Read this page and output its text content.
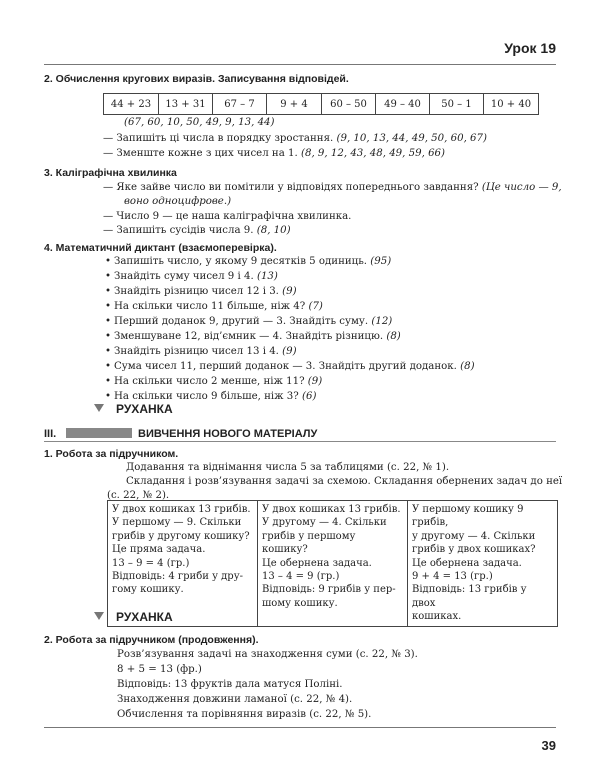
Урок 19
2. Обчислення кругових виразів. Записування відповідей.
44 + 23	13 + 31	67 – 7	9 + 4	60 – 50	49 – 40	50 – 1	10 + 40
(67, 60, 10, 50, 49, 9, 13, 44)
— Запишіть ці числа в порядку зростання. (9, 10, 13, 44, 49, 50, 60, 67)
— Зменште кожне з цих чисел на 1. (8, 9, 12, 43, 48, 49, 59, 66)
3. Каліграфічна хвилинка
— Яке зайве число ви помітили у відповідях попереднього завдання? (Це число — 9,
воно одноцифрове.)
— Число 9 — це наша каліграфічна хвилинка.
— Запишіть сусідів числа 9. (8, 10)
4. Математичний диктант (взаємоперевірка).
• Запишіть число, у якому 9 десятків 5 одиниць. (95)
• Знайдіть суму чисел 9 і 4. (13)
• Знайдіть різницю чисел 12 і 3. (9)
• На скільки число 11 більше, ніж 4? (7)
• Перший доданок 9, другий — 3. Знайдіть суму. (12)
• Зменшуване 12, від’ємник — 4. Знайдіть різницю. (8)
• Знайдіть різницю чисел 13 і 4. (9)
• Сума чисел 11, перший доданок — 3. Знайдіть другий доданок. (8)
• На скільки число 2 менше, ніж 11? (9)
• На скільки число 9 більше, ніж 3? (6)
РУХАНКА
III.	ВИВЧЕННЯ НОВОГО МАТЕРІАЛУ
1. Робота за підручником.
Додавання та віднімання числа 5 за таблицями (с. 22, № 1).
Складання і розв’язування задачі за схемою. Складання обернених задач до неї
(с. 22, № 2).
У двох кошиках 13 грибів.
У першому — 9. Скільки
грибів у другому кошику?
Це пряма задача.
13 – 9 = 4 (гр.)
Відповідь: 4 гриби у дру-
гому кошику.

У двох кошиках 13 грибів.
У другому — 4. Скільки
грибів у першому кошику?
Це обернена задача.
13 – 4 = 9 (гр.)
Відповідь: 9 грибів у пер-
шому кошику.

У першому кошику 9 грибів,
у другому — 4. Скільки
грибів у двох кошиках?
Це обернена задача.
9 + 4 = 13 (гр.)
Відповідь: 13 грибів у двох
кошиках.
РУХАНКА
2. Робота за підручником (продовження).
Розв’язування задачі на знаходження суми (с. 22, № 3).
8 + 5 = 13 (фр.)
Відповідь: 13 фруктів дала матуся Поліні.
Знаходження довжини ламаної (с. 22, № 4).
Обчислення та порівняння виразів (с. 22, № 5).
39
